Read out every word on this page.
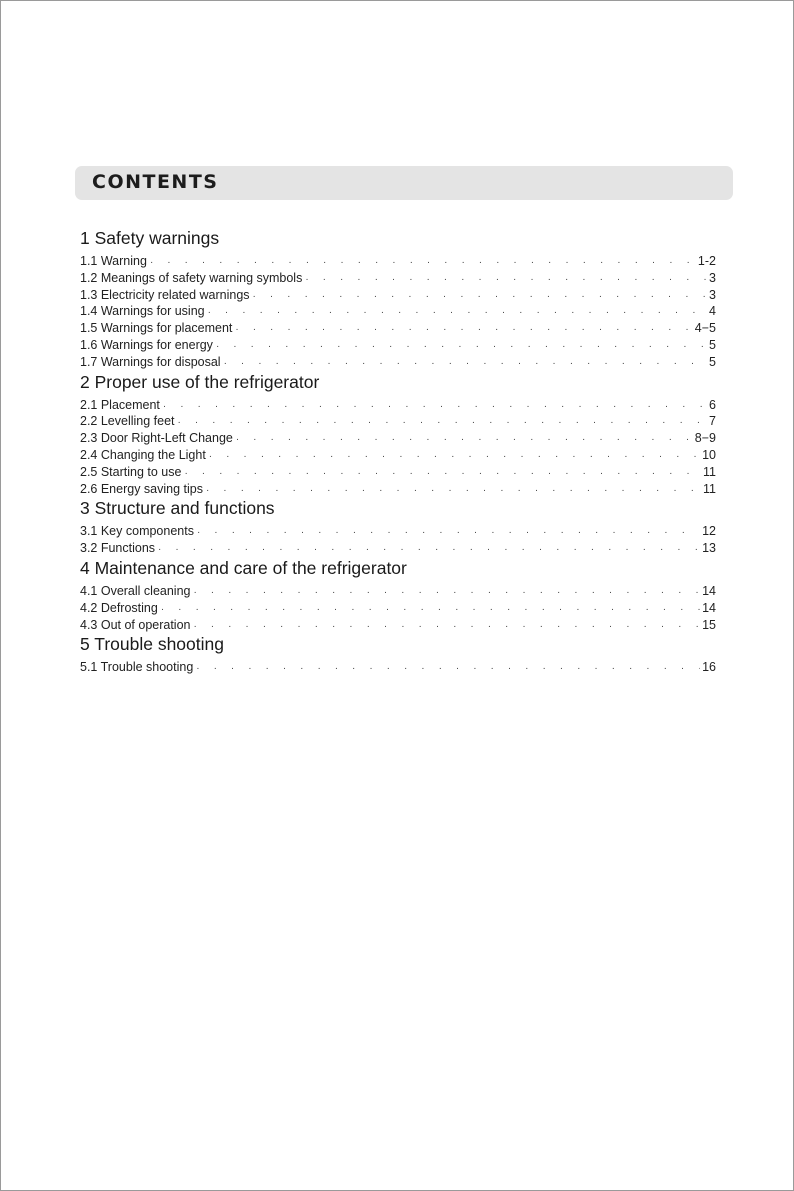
CONTENTS
1 Safety warnings
1.1 Warning · · ·	1-2
1.2 Meanings of safety warning symbols · · ·	3
1.3 Electricity related warnings · · ·	3
1.4 Warnings for using · · ·	4
1.5 Warnings for placement · · ·	4−5
1.6 Warnings for energy · · ·	5
1.7 Warnings for disposal · · ·	5
2 Proper use of the refrigerator
2.1 Placement · · ·	6
2.2 Levelling feet · · ·	7
2.3 Door Right-Left Change · · ·	8−9
2.4 Changing the Light · · ·	10
2.5 Starting to use · · ·	11
2.6 Energy saving tips · · ·	11
3 Structure and functions
3.1 Key components · · ·	12
3.2 Functions · · ·	13
4 Maintenance and care of the refrigerator
4.1 Overall cleaning · · ·	14
4.2 Defrosting · · ·	14
4.3 Out of operation · · ·	15
5 Trouble shooting
5.1 Trouble shooting · · ·	16
